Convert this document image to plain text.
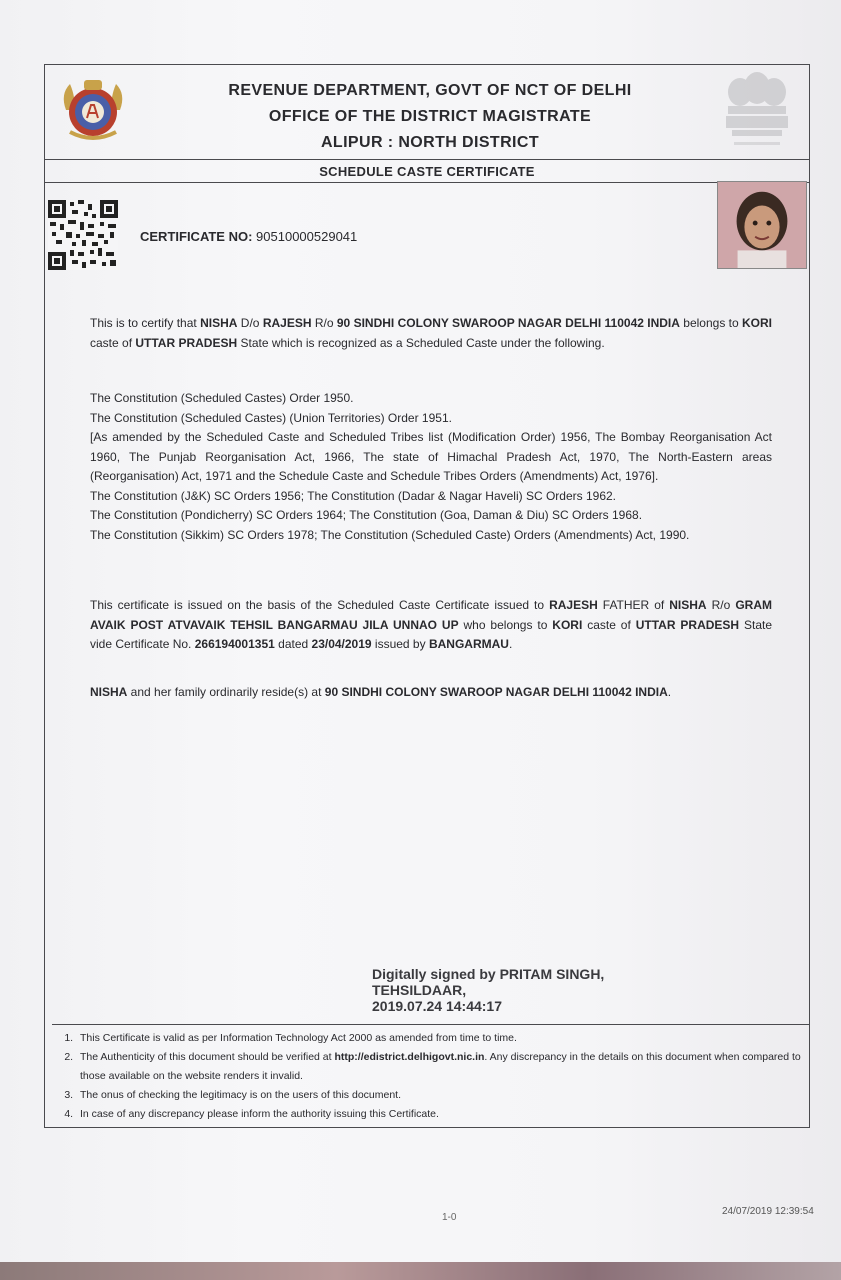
REVENUE DEPARTMENT, GOVT OF NCT OF DELHI
OFFICE OF THE DISTRICT MAGISTRATE
ALIPUR : NORTH DISTRICT
SCHEDULE CASTE CERTIFICATE
CERTIFICATE NO: 90510000529041
This is to certify that NISHA D/o RAJESH R/o 90 SINDHI COLONY SWAROOP NAGAR DELHI 110042 INDIA belongs to KORI caste of UTTAR PRADESH State which is recognized as a Scheduled Caste under the following.
The Constitution (Scheduled Castes) Order 1950.
The Constitution (Scheduled Castes) (Union Territories) Order 1951.
[As amended by the Scheduled Caste and Scheduled Tribes list (Modification Order) 1956, The Bombay Reorganisation Act 1960, The Punjab Reorganisation Act, 1966, The state of Himachal Pradesh Act, 1970, The North-Eastern areas (Reorganisation) Act, 1971 and the Schedule Caste and Schedule Tribes Orders (Amendments) Act, 1976].
The Constitution (J&K) SC Orders 1956; The Constitution (Dadar & Nagar Haveli) SC Orders 1962.
The Constitution (Pondicherry) SC Orders 1964; The Constitution (Goa, Daman & Diu) SC Orders 1968.
The Constitution (Sikkim) SC Orders 1978; The Constitution (Scheduled Caste) Orders (Amendments) Act, 1990.
This certificate is issued on the basis of the Scheduled Caste Certificate issued to RAJESH FATHER of NISHA R/o GRAM AVAIK POST ATVAVAIK TEHSIL BANGARMAU JILA UNNAO UP who belongs to KORI caste of UTTAR PRADESH State vide Certificate No. 266194001351 dated 23/04/2019 issued by BANGARMAU.
NISHA and her family ordinarily reside(s) at 90 SINDHI COLONY SWAROOP NAGAR DELHI 110042 INDIA.
Digitally signed by PRITAM SINGH,
TEHSILDAAR,
2019.07.24 14:44:17
1. This Certificate is valid as per Information Technology Act 2000 as amended from time to time.
2. The Authenticity of this document should be verified at http://edistrict.delhigovt.nic.in. Any discrepancy in the details on this document when compared to those available on the website renders it invalid.
3. The onus of checking the legitimacy is on the users of this document.
4. In case of any discrepancy please inform the authority issuing this Certificate.
1-0
24/07/2019 12:39:54
